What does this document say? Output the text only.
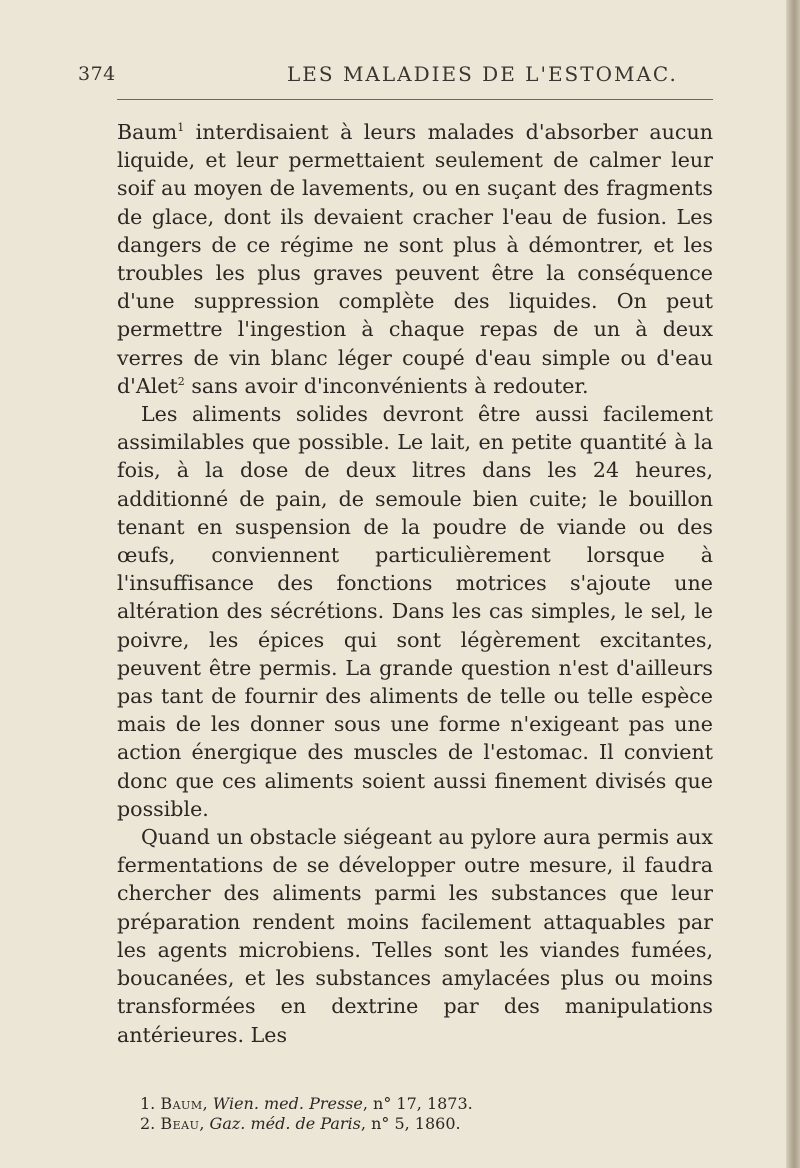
374	LES MALADIES DE L'ESTOMAC.

Baum$^1$ interdisaient à leurs malades d'absorber aucun liquide, et leur permettaient seulement de calmer leur soif au moyen de lavements, ou en suçant des fragments de glace, dont ils devaient cracher l'eau de fusion. Les dangers de ce régime ne sont plus à démontrer, et les troubles les plus graves peuvent être la conséquence d'une suppression complète des liquides. On peut permettre l'ingestion à chaque repas de un à deux verres de vin blanc léger coupé d'eau simple ou d'eau d'Alet$^2$ sans avoir d'inconvénients à redouter.

Les aliments solides devront être aussi facilement assimilables que possible. Le lait, en petite quantité à la fois, à la dose de deux litres dans les 24 heures, additionné de pain, de semoule bien cuite; le bouillon tenant en suspension de la poudre de viande ou des œufs, conviennent particulièrement lorsque à l'insuffisance des fonctions motrices s'ajoute une altération des sécrétions. Dans les cas simples, le sel, le poivre, les épices qui sont légèrement excitantes, peuvent être permis. La grande question n'est d'ailleurs pas tant de fournir des aliments de telle ou telle espèce mais de les donner sous une forme n'exigeant pas une action énergique des muscles de l'estomac. Il convient donc que ces aliments soient aussi finement divisés que possible.

Quand un obstacle siégeant au pylore aura permis aux fermentations de se développer outre mesure, il faudra chercher des aliments parmi les substances que leur préparation rendent moins facilement attaquables par les agents microbiens. Telles sont les viandes fumées, boucanées, et les substances amylacées plus ou moins transformées en dextrine par des manipulations antérieures. Les

1. Baum, Wien. med. Presse, n° 17, 1873.

2. Beau, Gaz. méd. de Paris, n° 5, 1860.
